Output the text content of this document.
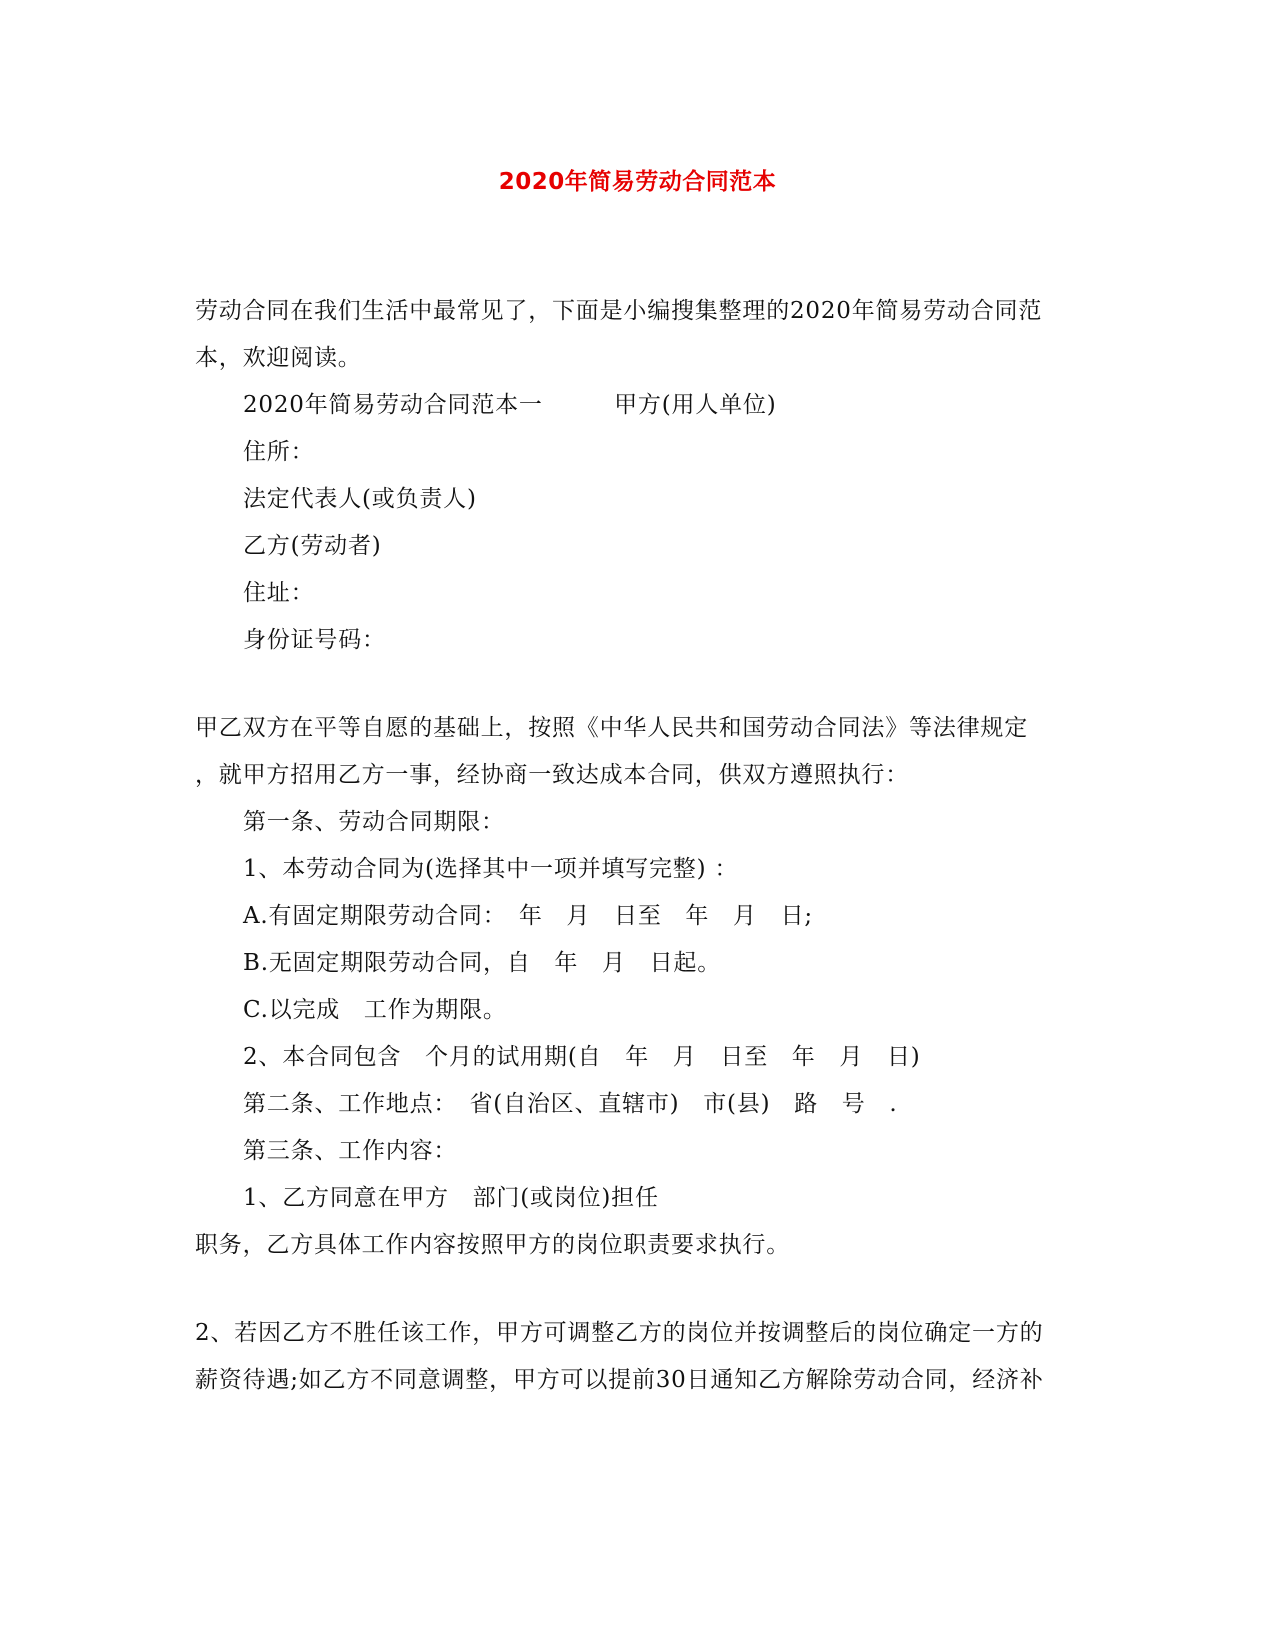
2020年简易劳动合同范本
劳动合同在我们生活中最常见了，下面是小编搜集整理的2020年简易劳动合同范
本，欢迎阅读。
2020年简易劳动合同范本一　　　甲方(用人单位)
住所：
法定代表人(或负责人)
乙方(劳动者)
住址：
身份证号码：
甲乙双方在平等自愿的基础上，按照《中华人民共和国劳动合同法》等法律规定
，就甲方招用乙方一事，经协商一致达成本合同，供双方遵照执行：
第一条、劳动合同期限：
1、本劳动合同为(选择其中一项并填写完整) ：
A.有固定期限劳动合同：　年　月　日至　年　月　日;
B.无固定期限劳动合同，自　年　月　日起。
C.以完成　工作为期限。
2、本合同包含　个月的试用期(自　年　月　日至　年　月　日)
第二条、工作地点：　省(自治区、直辖市)　市(县)　路　号　.
第三条、工作内容：
1、乙方同意在甲方　部门(或岗位)担任
职务，乙方具体工作内容按照甲方的岗位职责要求执行。
2、若因乙方不胜任该工作，甲方可调整乙方的岗位并按调整后的岗位确定一方的
薪资待遇;如乙方不同意调整，甲方可以提前30日通知乙方解除劳动合同，经济补
